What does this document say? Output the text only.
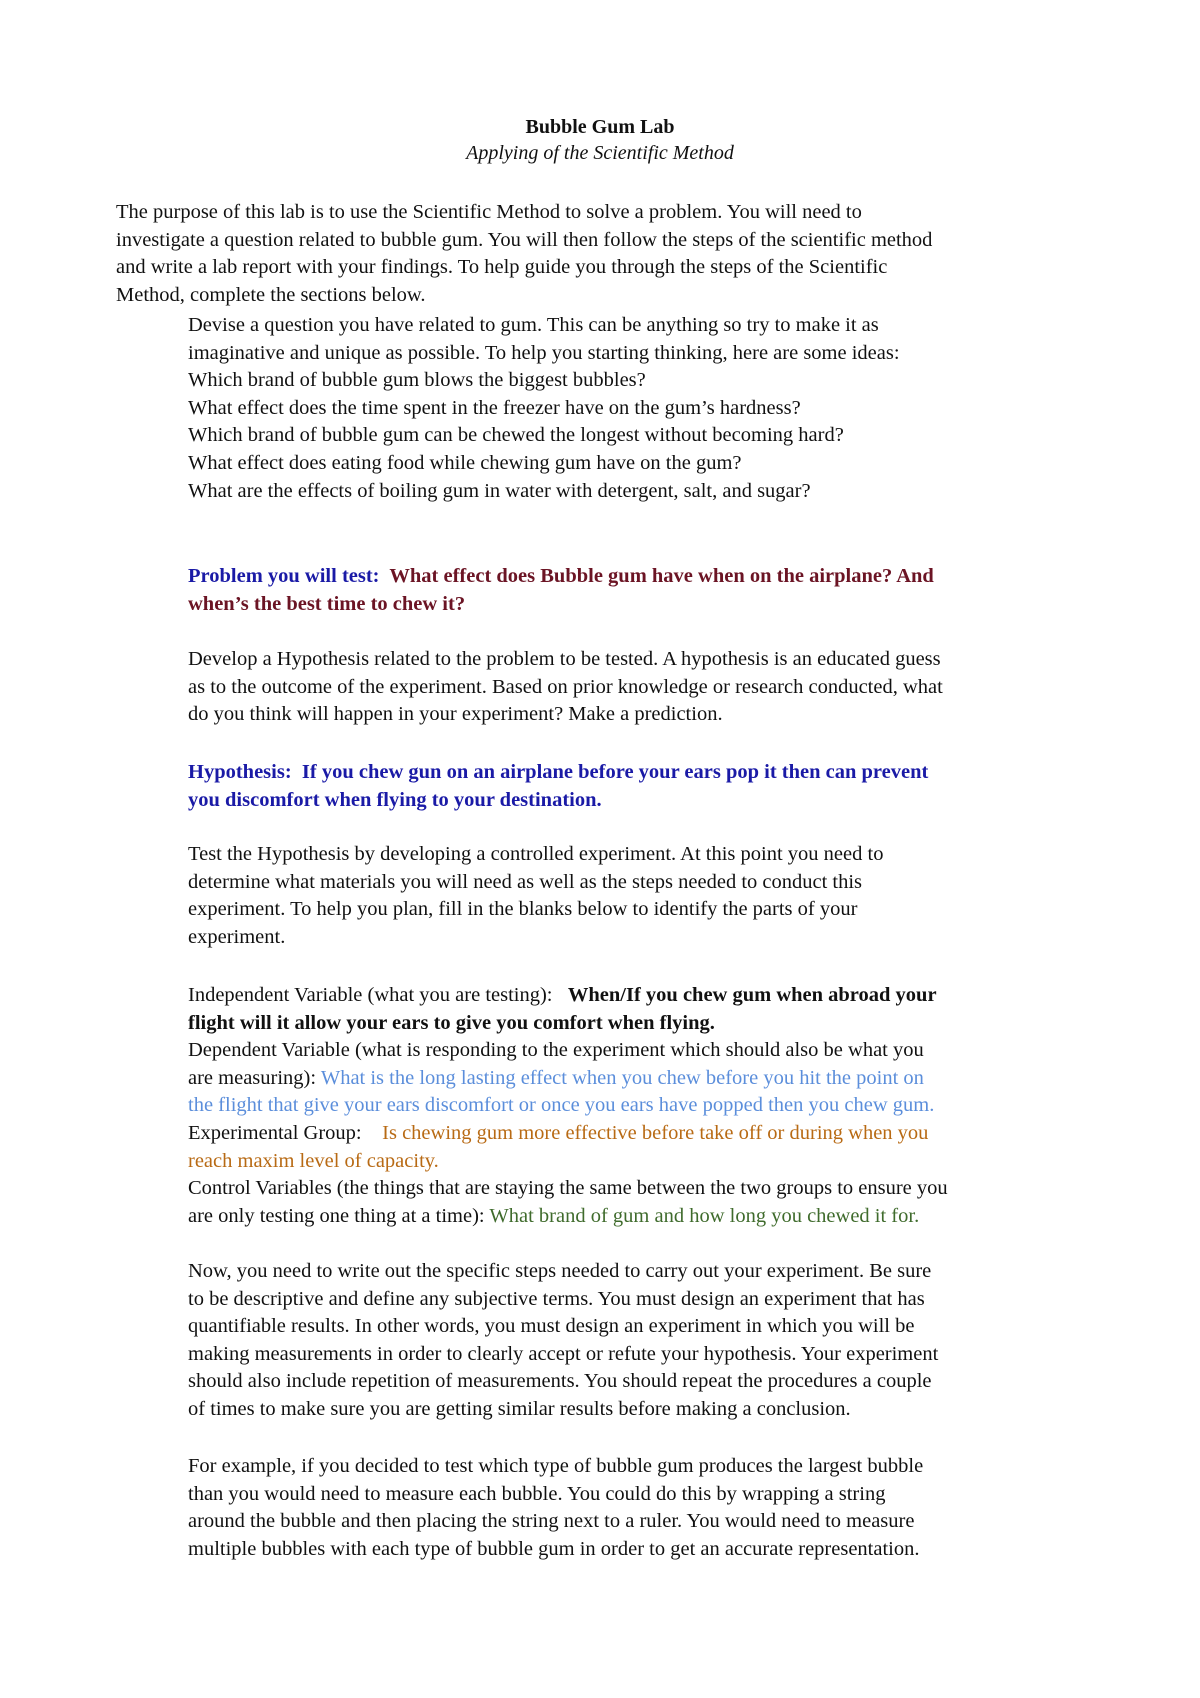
Bubble Gum Lab
Applying of the Scientific Method
The purpose of this lab is to use the Scientific Method to solve a problem. You will need to
investigate a question related to bubble gum. You will then follow the steps of the scientific method
and write a lab report with your findings. To help guide you through the steps of the Scientific
Method, complete the sections below.
Devise a question you have related to gum. This can be anything so try to make it as
imaginative and unique as possible. To help you starting thinking, here are some ideas:
Which brand of bubble gum blows the biggest bubbles?
What effect does the time spent in the freezer have on the gum’s hardness?
Which brand of bubble gum can be chewed the longest without becoming hard?
What effect does eating food while chewing gum have on the gum?
What are the effects of boiling gum in water with detergent, salt, and sugar?
Problem you will test: What effect does Bubble gum have when on the airplane? And
when’s the best time to chew it?
Develop a Hypothesis related to the problem to be tested. A hypothesis is an educated guess
as to the outcome of the experiment. Based on prior knowledge or research conducted, what
do you think will happen in your experiment? Make a prediction.
Hypothesis: If you chew gun on an airplane before your ears pop it then can prevent
you discomfort when flying to your destination.
Test the Hypothesis by developing a controlled experiment. At this point you need to
determine what materials you will need as well as the steps needed to conduct this
experiment. To help you plan, fill in the blanks below to identify the parts of your
experiment.
Independent Variable (what you are testing): When/If you chew gum when abroad your
flight will it allow your ears to give you comfort when flying.
Dependent Variable (what is responding to the experiment which should also be what you
are measuring): What is the long lasting effect when you chew before you hit the point on
the flight that give your ears discomfort or once you ears have popped then you chew gum.
Experimental Group: Is chewing gum more effective before take off or during when you
reach maxim level of capacity.
Control Variables (the things that are staying the same between the two groups to ensure you
are only testing one thing at a time): What brand of gum and how long you chewed it for.
Now, you need to write out the specific steps needed to carry out your experiment. Be sure
to be descriptive and define any subjective terms. You must design an experiment that has
quantifiable results. In other words, you must design an experiment in which you will be
making measurements in order to clearly accept or refute your hypothesis. Your experiment
should also include repetition of measurements. You should repeat the procedures a couple
of times to make sure you are getting similar results before making a conclusion.
For example, if you decided to test which type of bubble gum produces the largest bubble
than you would need to measure each bubble. You could do this by wrapping a string
around the bubble and then placing the string next to a ruler. You would need to measure
multiple bubbles with each type of bubble gum in order to get an accurate representation.
